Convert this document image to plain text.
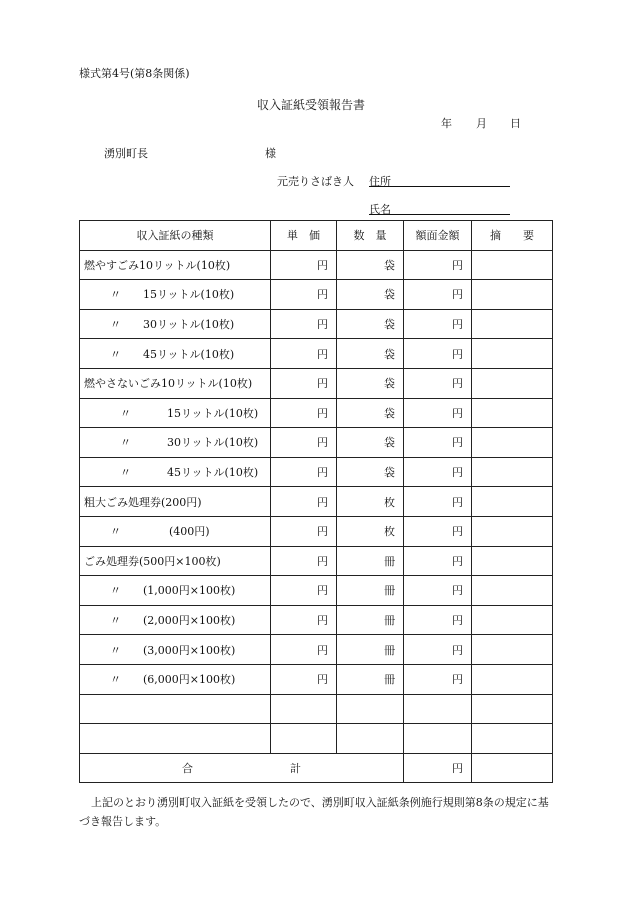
様式第4号(第8条関係)
収入証紙受領報告書
年 月 日
湧別町長	様
元売りさばき人 住所
氏名
収入証紙の種類	単　価	数　量	額面金額	摘　　要
燃やすごみ10リットル(10枚)	円	袋	円	
〃 15リットル(10枚)	円	袋	円	
〃 30リットル(10枚)	円	袋	円	
〃 45リットル(10枚)	円	袋	円	
燃やさないごみ10リットル(10枚)	円	袋	円	
〃 15リットル(10枚)	円	袋	円	
〃 30リットル(10枚)	円	袋	円	
〃 45リットル(10枚)	円	袋	円	
粗大ごみ処理券(200円)	円	枚	円	
〃 (400円)	円	枚	円	
ごみ処理券(500円×100枚)	円	冊	円	
〃 (1,000円×100枚)	円	冊	円	
〃 (2,000円×100枚)	円	冊	円	
〃 (3,000円×100枚)	円	冊	円	
〃 (6,000円×100枚)	円	冊	円	

合 計			円	
上記のとおり湧別町収入証紙を受領したので、湧別町収入証紙条例施行規則第8条の規定に基づき報告します。
